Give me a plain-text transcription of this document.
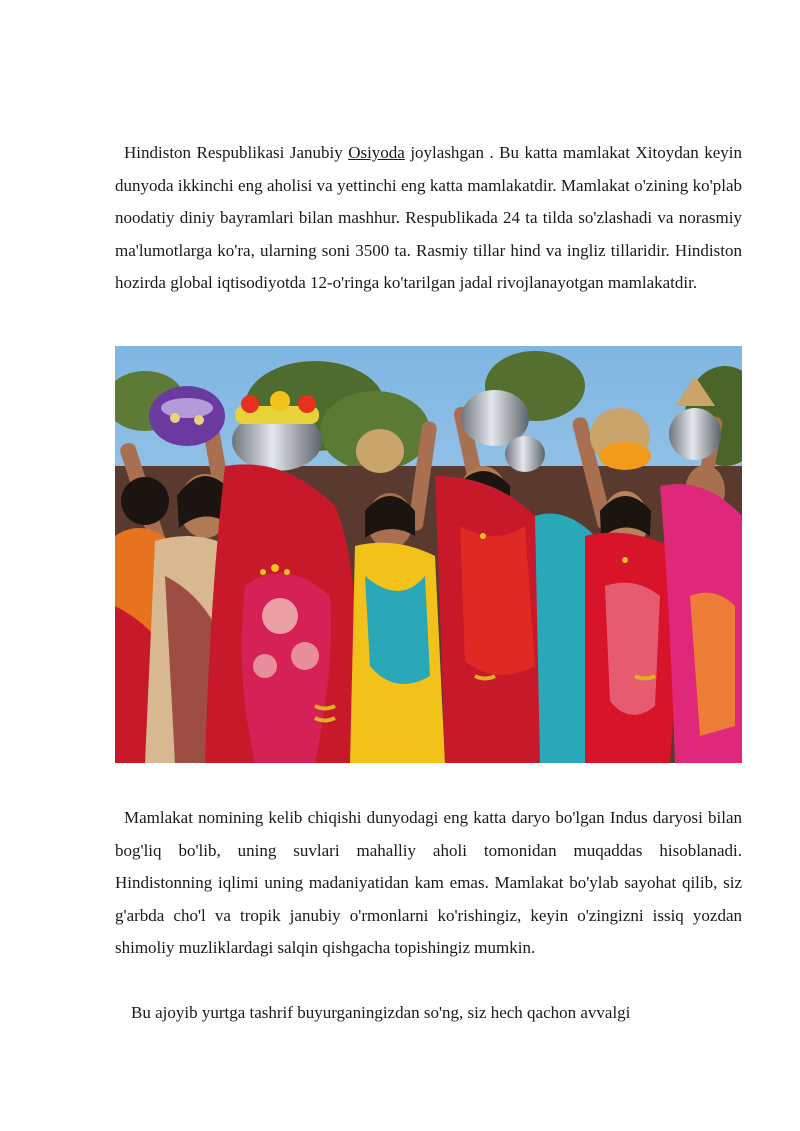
Hindiston Respublikasi Janubiy Osiyoda joylashgan . Bu katta mamlakat Xitoydan keyin dunyoda ikkinchi eng aholisi va yettinchi eng katta mamlakatdir. Mamlakat o'zining ko'plab noodatiy diniy bayramlari bilan mashhur. Respublikada 24 ta tilda so'zlashadi va norasmiy ma'lumotlarga ko'ra, ularning soni 3500 ta. Rasmiy tillar hind va ingliz tillaridir. Hindiston hozirda global iqtisodiyotda 12-o'ringa ko'tarilgan jadal rivojlanayotgan mamlakatdir.

Mamlakat nomining kelib chiqishi dunyodagi eng katta daryo bo'lgan Indus daryosi bilan bog'liq bo'lib, uning suvlari mahalliy aholi tomonidan muqaddas hisoblanadi. Hindistonning iqlimi uning madaniyatidan kam emas. Mamlakat bo'ylab sayohat qilib, siz g'arbda cho'l va tropik janubiy o'rmonlarni ko'rishingiz, keyin o'zingizni issiq yozdan shimoliy muzliklardagi salqin qishgacha topishingiz mumkin.

Bu ajoyib yurtga tashrif buyurganingizdan so'ng, siz hech qachon avvalgi
